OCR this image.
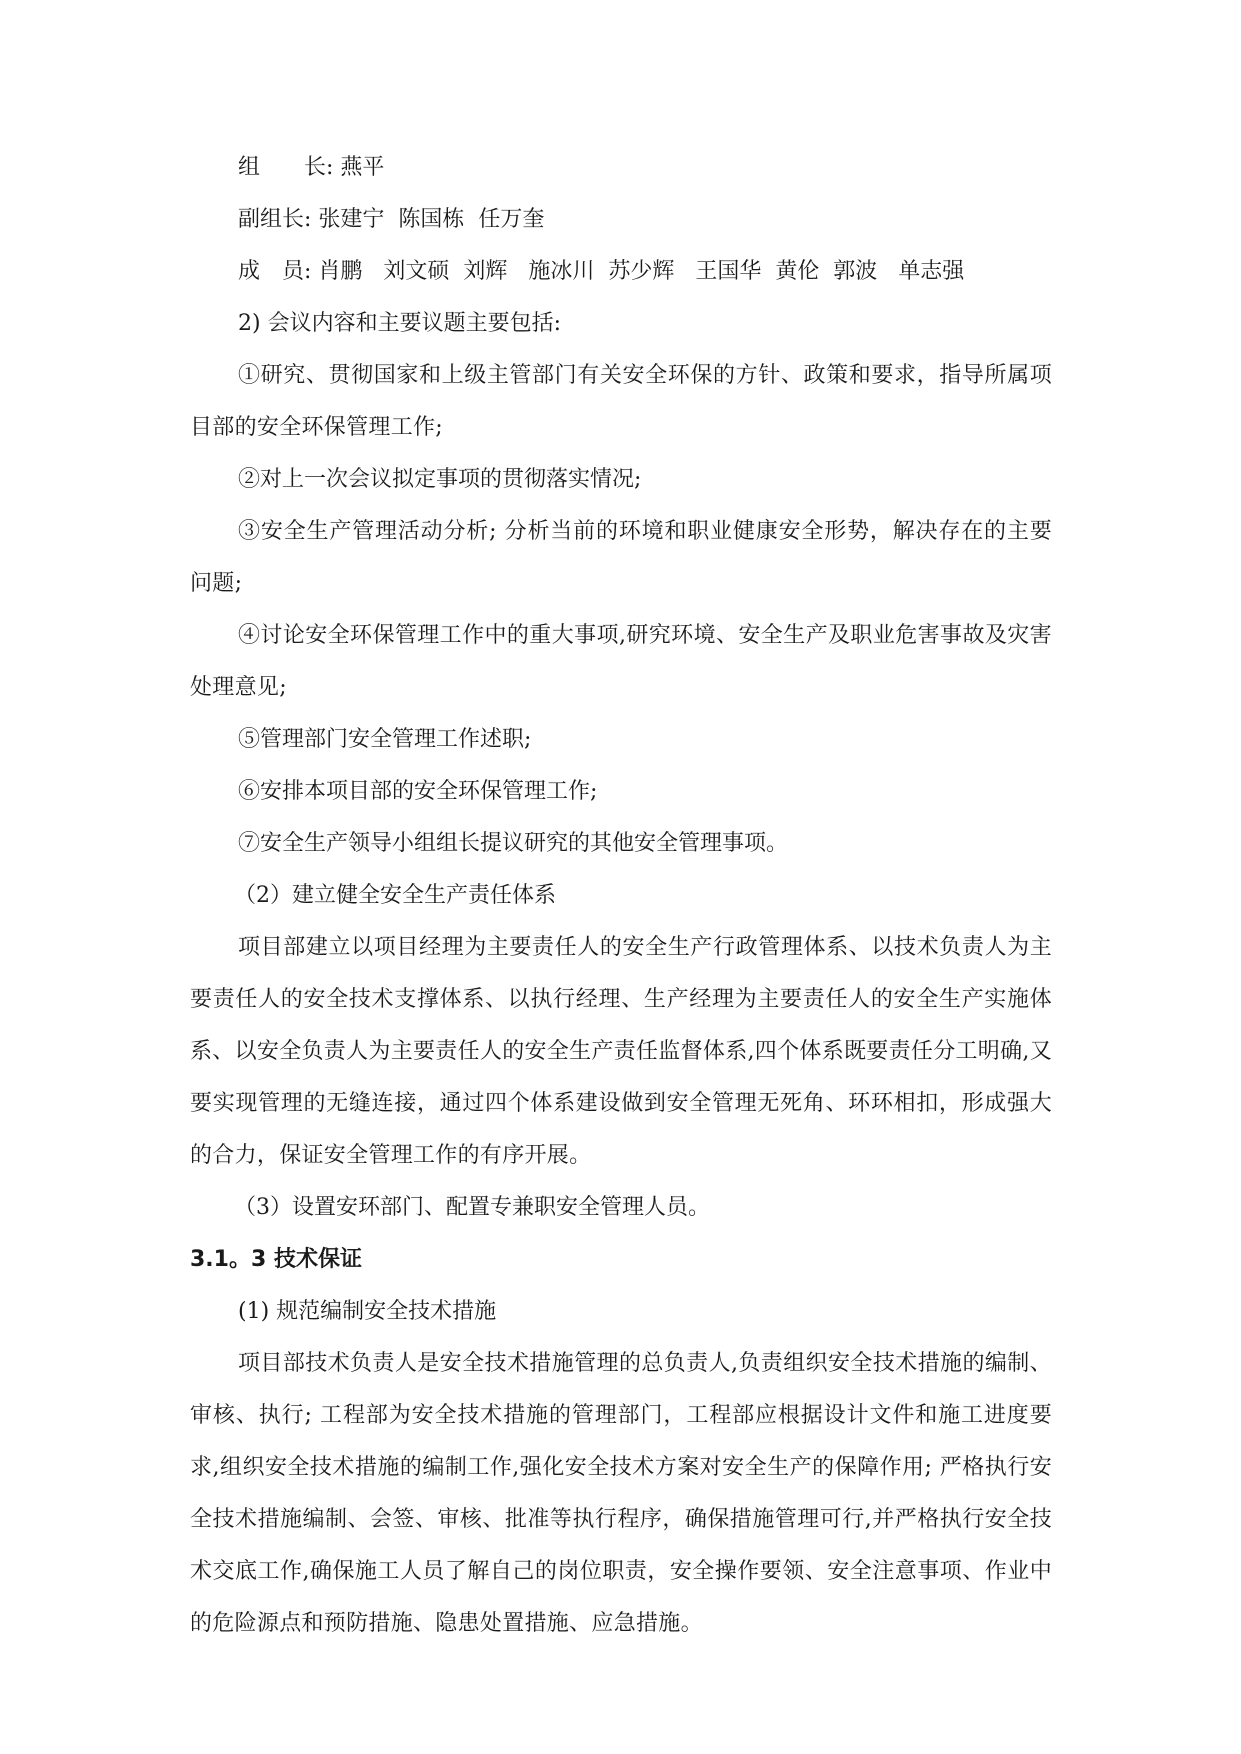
组　　长: 燕平
副组长: 张建宁  陈国栋  任万奎
成　员: 肖鹏   刘文硕  刘辉   施冰川  苏少辉   王国华  黄伦  郭波   单志强
2) 会议内容和主要议题主要包括:

①研究、贯彻国家和上级主管部门有关安全环保的方针、政策和要求，指导所属项目部的安全环保管理工作;

②对上一次会议拟定事项的贯彻落实情况;

③安全生产管理活动分析; 分析当前的环境和职业健康安全形势，解决存在的主要问题;

④讨论安全环保管理工作中的重大事项,研究环境、安全生产及职业危害事故及灾害处理意见;

⑤管理部门安全管理工作述职;
⑥安排本项目部的安全环保管理工作;
⑦安全生产领导小组组长提议研究的其他安全管理事项。
（2）建立健全安全生产责任体系

项目部建立以项目经理为主要责任人的安全生产行政管理体系、以技术负责人为主要责任人的安全技术支撑体系、以执行经理、生产经理为主要责任人的安全生产实施体系、以安全负责人为主要责任人的安全生产责任监督体系,四个体系既要责任分工明确,又要实现管理的无缝连接，通过四个体系建设做到安全管理无死角、环环相扣，形成强大的合力，保证安全管理工作的有序开展。

（3）设置安环部门、配置专兼职安全管理人员。
3.1。3 技术保证
(1) 规范编制安全技术措施

项目部技术负责人是安全技术措施管理的总负责人,负责组织安全技术措施的编制、审核、执行; 工程部为安全技术措施的管理部门，工程部应根据设计文件和施工进度要求,组织安全技术措施的编制工作,强化安全技术方案对安全生产的保障作用; 严格执行安全技术措施编制、会签、审核、批准等执行程序，确保措施管理可行,并严格执行安全技术交底工作,确保施工人员了解自己的岗位职责，安全操作要领、安全注意事项、作业中的危险源点和预防措施、隐患处置措施、应急措施。
